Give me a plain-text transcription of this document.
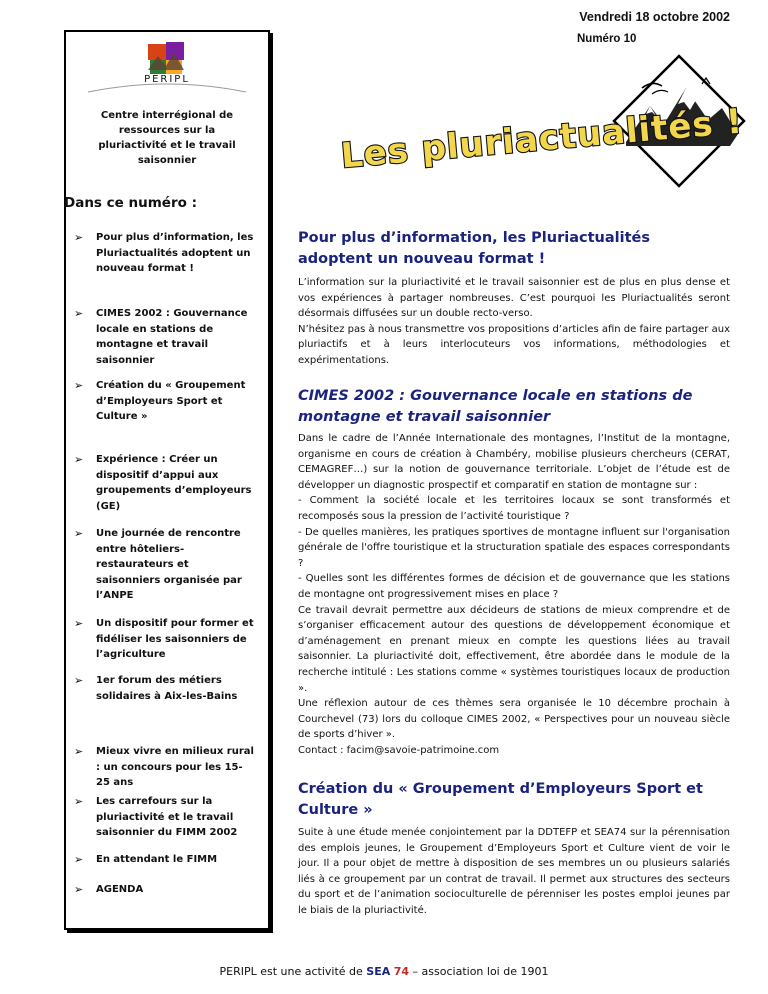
Vendredi 18 octobre 2002
Numéro 10
PERIPL
Centre interrégional de ressources sur la pluriactivité et le travail saisonnier
Dans ce numéro :
➢ Pour plus d’information, les Pluriactualités adoptent un nouveau format !
➢ CIMES 2002 : Gouvernance locale en stations de montagne et travail saisonnier
➢ Création du « Groupement d’Employeurs Sport et Culture »
➢ Expérience : Créer un dispositif d’appui aux groupements d’employeurs (GE)
➢ Une journée de rencontre entre hôteliers-restaurateurs et saisonniers organisée par l’ANPE
➢ Un dispositif pour former et fidéliser les saisonniers de l’agriculture
➢ 1er forum des métiers solidaires à Aix-les-Bains
➢ Mieux vivre en milieux rural : un concours pour les 15-25 ans
➢ Les carrefours sur la pluriactivité et le travail saisonnier du FIMM 2002
➢ En attendant le FIMM
➢ AGENDA
Les pluriactualités !
Pour plus d’information, les Pluriactualités adoptent un nouveau format !
L’information sur la pluriactivité et le travail saisonnier est de plus en plus dense et vos expériences à partager nombreuses. C’est pourquoi les Pluriactualités seront désormais diffusées sur un double recto-verso.
N’hésitez pas à nous transmettre vos propositions d’articles afin de faire partager aux pluriactifs et à leurs interlocuteurs vos informations, méthodologies et expérimentations.
CIMES 2002 : Gouvernance locale en stations de montagne et travail saisonnier
Dans le cadre de l’Année Internationale des montagnes, l’Institut de la montagne, organisme en cours de création à Chambéry, mobilise plusieurs chercheurs (CERAT, CEMAGREF…) sur la notion de gouvernance territoriale. L’objet de l’étude est de développer un diagnostic prospectif et comparatif en station de montagne sur :
- Comment la société locale et les territoires locaux se sont transformés et recomposés sous la pression de l’activité touristique ?
- De quelles manières, les pratiques sportives de montagne influent sur l'organisation générale de l'offre touristique et la structuration spatiale des espaces correspondants ?
- Quelles sont les différentes formes de décision et de gouvernance que les stations de montagne ont progressivement mises en place ?
Ce travail devrait permettre aux décideurs de stations de mieux comprendre et de s’organiser efficacement autour des questions de développement économique et d’aménagement en prenant mieux en compte les questions liées au travail saisonnier. La pluriactivité doit, effectivement, être abordée dans le module de la recherche intitulé : Les stations comme « systèmes touristiques locaux de production ».
Une réflexion autour de ces thèmes sera organisée le 10 décembre prochain à Courchevel (73) lors du colloque CIMES 2002, « Perspectives pour un nouveau siècle de sports d’hiver ».
Contact : facim@savoie-patrimoine.com
Création du « Groupement d’Employeurs Sport et Culture »
Suite à une étude menée conjointement par la DDTEFP et SEA74 sur la pérennisation des emplois jeunes, le Groupement d’Employeurs Sport et Culture vient de voir le jour. Il a pour objet de mettre à disposition de ses membres un ou plusieurs salariés liés à ce groupement par un contrat de travail. Il permet aux structures des secteurs du sport et de l’animation socioculturelle de pérenniser les postes emploi jeunes par le biais de la pluriactivité.
PERIPL est une activité de SEA 74 – association loi de 1901
